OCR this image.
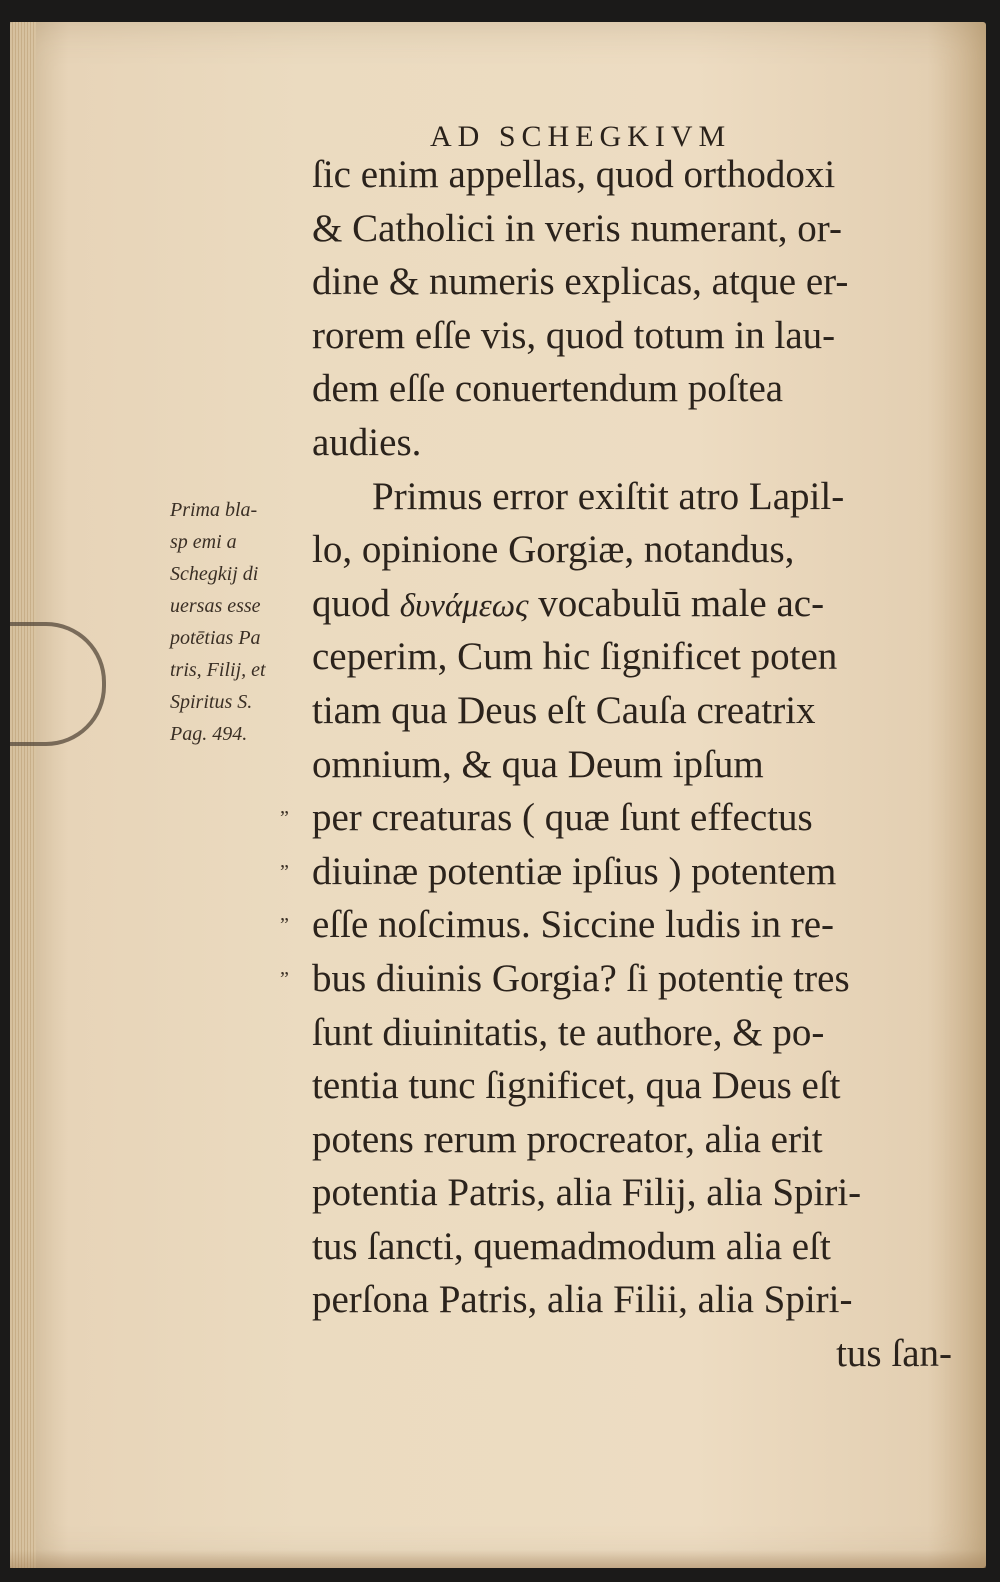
AD SCHEGKIVM
Prima bla-
sp emi a
Schegkij di
uersas esse
potētias Pa
tris, Filij, et
Spiritus S.
Pag. 494.
”
”
”
”
ſic enim appellas, quod orthodoxi
& Catholici in veris numerant, or-
dine & numeris explicas, atque er-
rorem eſſe vis, quod totum in lau-
dem eſſe conuertendum poſtea
audies.
Primus error exiſtit atro Lapil-
lo, opinione Gorgiæ, notandus,
quod δυνάμεως vocabulū male ac-
ceperim, Cum hic ſignificet poten
tiam qua Deus eſt Cauſa creatrix
omnium, & qua Deum ipſum
per creaturas ( quæ ſunt effectus
diuinæ potentiæ ipſius ) potentem
eſſe noſcimus. Siccine ludis in re-
bus diuinis Gorgia? ſi potentię tres
ſunt diuinitatis, te authore, & po-
tentia tunc ſignificet, qua Deus eſt
potens rerum procreator, alia erit
potentia Patris, alia Filij, alia Spiri-
tus ſancti, quemadmodum alia eſt
perſona Patris, alia Filii, alia Spiri-
tus ſan-
